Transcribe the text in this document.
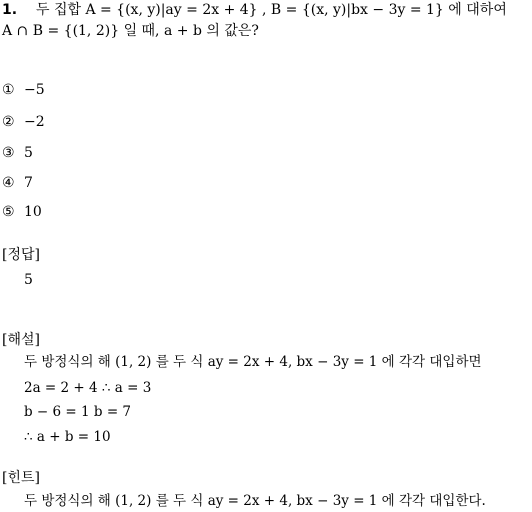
1. 두 집합 A = {(x, y)|ay = 2x + 4} , B = {(x, y)|bx − 3y = 1} 에 대하여
A ∩ B = {(1, 2)} 일 때, a + b 의 값은?
① −5
② −2
③ 5
④ 7
⑤ 10
[정답]
5
[해설]
두 방정식의 해 (1, 2) 를 두 식 ay = 2x + 4, bx − 3y = 1 에 각각 대입하면
2a = 2 + 4 ∴ a = 3
b − 6 = 1 b = 7
∴ a + b = 10
[힌트]
두 방정식의 해 (1, 2) 를 두 식 ay = 2x + 4, bx − 3y = 1 에 각각 대입한다.
